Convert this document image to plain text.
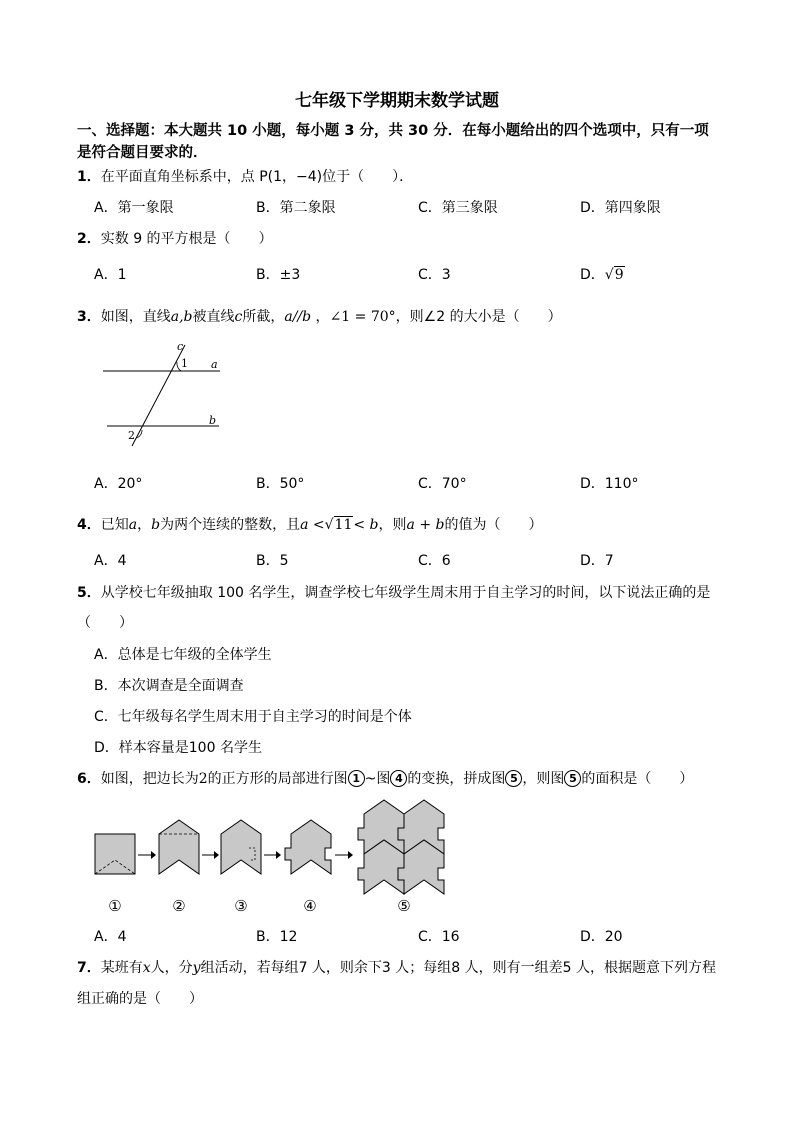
七年级下学期期末数学试题
一、选择题：本大题共 10 小题，每小题 3 分，共 30 分．在每小题给出的四个选项中，只有一项
是符合题目要求的．
1．在平面直角坐标系中，点 P(1，−4)位于（　　）．
A．第一象限	B．第二象限	C．第三象限	D．第四象限
2．实数 9 的平方根是（　　）
A．1	B．±3	C．3	D．√9
3．如图，直线a,b被直线c所截，a//b ，∠1 = 70°，则∠2 的大小是（　　）
c
a
b
1
2
A．20°	B．50°	C．70°	D．110°
4．已知a，b为两个连续的整数，且a <√11< b，则a + b的值为（　　）
A．4	B．5	C．6	D．7
5．从学校七年级抽取 100 名学生，调查学校七年级学生周末用于自主学习的时间，以下说法正确的是
（　　）
A．总体是七年级的全体学生
B．本次调查是全面调查
C．七年级每名学生周末用于自主学习的时间是个体
D．样本容量是100 名学生
6．如图，把边长为2的正方形的局部进行图 1 ~图 4 的变换，拼成图 5 ，则图 5 的面积是（　　）
①	②	③	④	⑤
A．4	B．12	C．16	D．20
7．某班有x人，分y组活动，若每组7 人，则余下3 人；每组8 人，则有一组差5 人，根据题意下列方程
组正确的是（　　）
